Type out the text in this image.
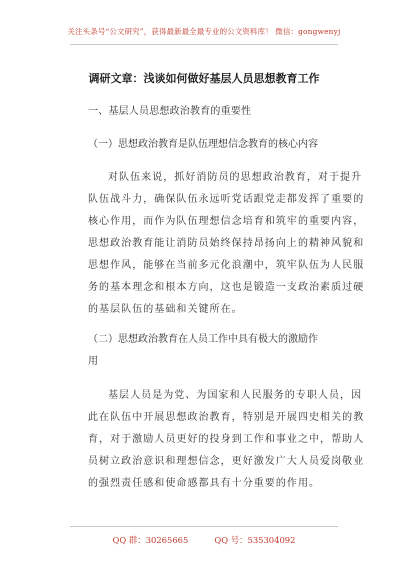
关注头条号“公文研究”，获得最新最全最专业的公文资料库！ 微信：gongwenyj
调研文章：浅谈如何做好基层人员思想教育工作
一、基层人员思想政治教育的重要性
（一）思想政治教育是队伍理想信念教育的核心内容
对队伍来说，抓好消防员的思想政治教育，对于提升
队伍战斗力，确保队伍永远听党话跟党走都发挥了重要的
核心作用，而作为队伍理想信念培育和筑牢的重要内容，
思想政治教育能让消防员始终保持昂扬向上的精神风貌和
思想作风，能够在当前多元化浪潮中，筑牢队伍为人民服
务的基本理念和根本方向，这也是锻造一支政治素质过硬
的基层队伍的基础和关键所在。
（二）思想政治教育在人员工作中具有极大的激励作
用
基层人员是为党、为国家和人民服务的专职人员，因
此在队伍中开展思想政治教育，特别是开展四史相关的教
育，对于激励人员更好的投身到工作和事业之中，帮助人
员树立政治意识和理想信念，更好激发广大人员爱岗敬业
的强烈责任感和使命感都具有十分重要的作用。
QQ 群：30265665	QQ 号：535304092
